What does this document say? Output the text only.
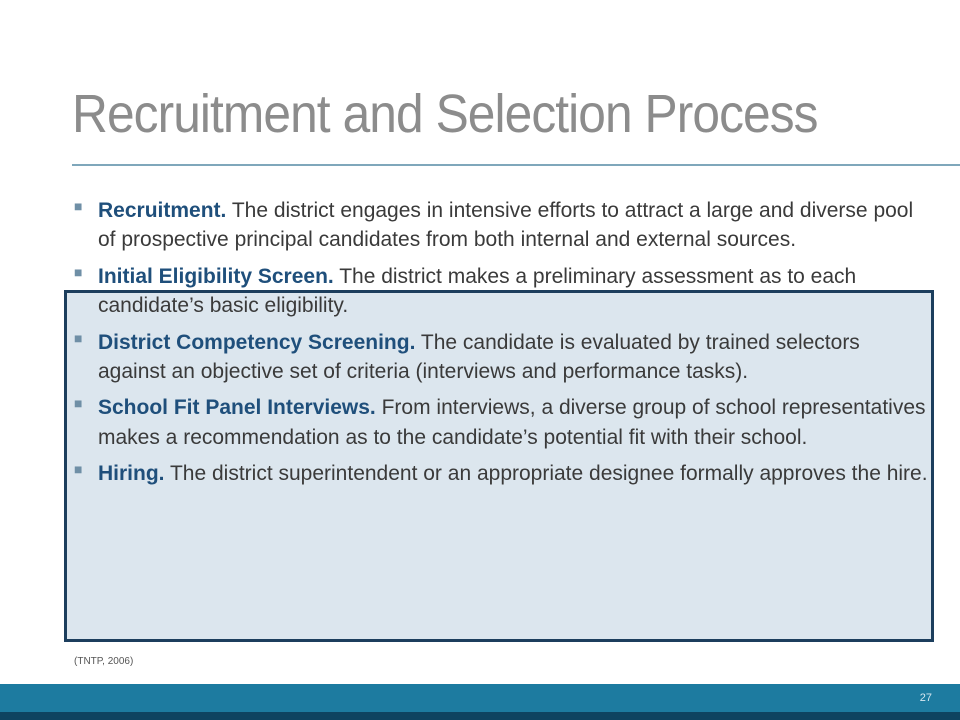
Recruitment and Selection Process
■ Recruitment. The district engages in intensive efforts to attract a large and diverse pool of prospective principal candidates from both internal and external sources.
■ Initial Eligibility Screen. The district makes a preliminary assessment as to each candidate’s basic eligibility.
■ District Competency Screening. The candidate is evaluated by trained selectors against an objective set of criteria (interviews and performance tasks).
■ School Fit Panel Interviews. From interviews, a diverse group of school representatives makes a recommendation as to the candidate’s potential fit with their school.
■ Hiring. The district superintendent or an appropriate designee formally approves the hire.
(TNTP, 2006)
27
